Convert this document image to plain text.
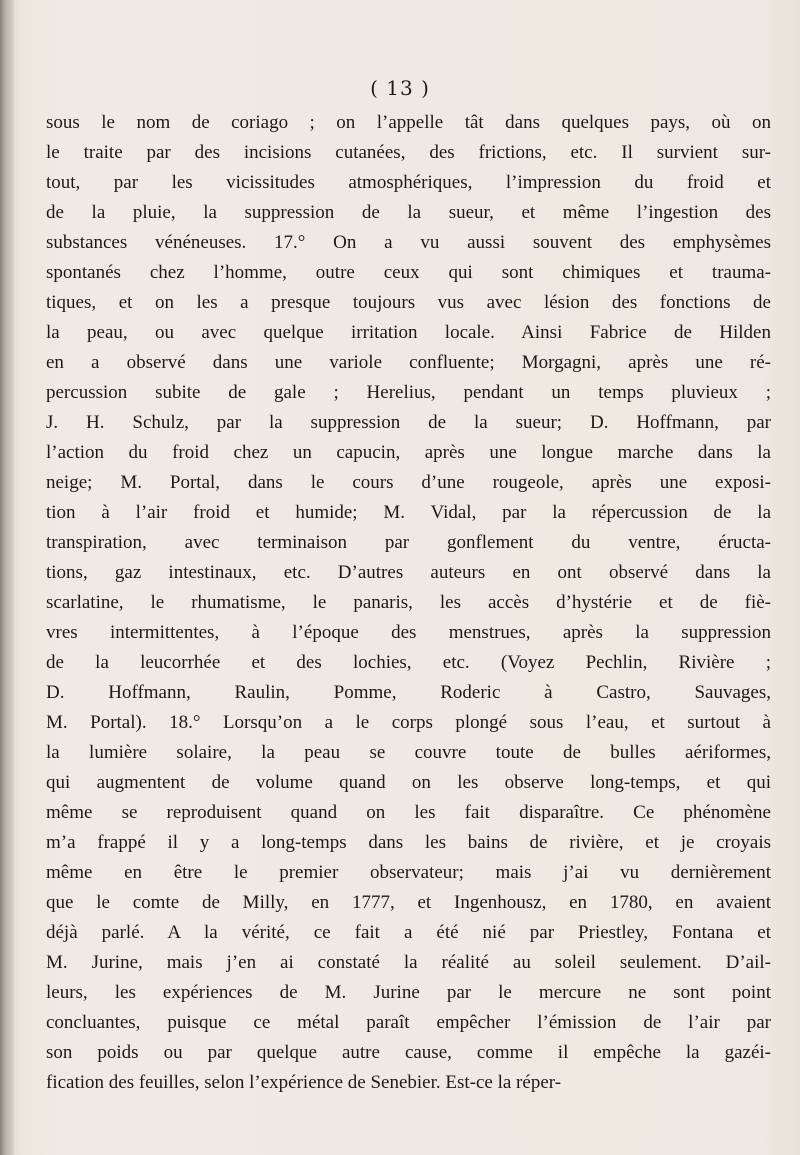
( 13 )
sous le nom de coriago ; on l’appelle tât dans quelques pays, où on
le traite par des incisions cutanées, des frictions, etc. Il survient sur-
tout, par les vicissitudes atmosphériques, l’impression du froid et
de la pluie, la suppression de la sueur, et même l’ingestion des
substances vénéneuses. 17.° On a vu aussi souvent des emphysèmes
spontanés chez l’homme, outre ceux qui sont chimiques et trauma-
tiques, et on les a presque toujours vus avec lésion des fonctions de
la peau, ou avec quelque irritation locale. Ainsi Fabrice de Hilden
en a observé dans une variole confluente; Morgagni, après une ré-
percussion subite de gale ; Herelius, pendant un temps pluvieux ;
J. H. Schulz, par la suppression de la sueur; D. Hoffmann, par
l’action du froid chez un capucin, après une longue marche dans la
neige; M. Portal, dans le cours d’une rougeole, après une exposi-
tion à l’air froid et humide; M. Vidal, par la répercussion de la
transpiration, avec terminaison par gonflement du ventre, éructa-
tions, gaz intestinaux, etc. D’autres auteurs en ont observé dans la
scarlatine, le rhumatisme, le panaris, les accès d’hystérie et de fiè-
vres intermittentes, à l’époque des menstrues, après la suppression
de la leucorrhée et des lochies, etc. (Voyez Pechlin, Rivière ;
D. Hoffmann, Raulin, Pomme, Roderic à Castro, Sauvages,
M. Portal). 18.° Lorsqu’on a le corps plongé sous l’eau, et surtout à
la lumière solaire, la peau se couvre toute de bulles aériformes,
qui augmentent de volume quand on les observe long-temps, et qui
même se reproduisent quand on les fait disparaître. Ce phénomène
m’a frappé il y a long-temps dans les bains de rivière, et je croyais
même en être le premier observateur; mais j’ai vu dernièrement
que le comte de Milly, en 1777, et Ingenhousz, en 1780, en avaient
déjà parlé. A la vérité, ce fait a été nié par Priestley, Fontana et
M. Jurine, mais j’en ai constaté la réalité au soleil seulement. D’ail-
leurs, les expériences de M. Jurine par le mercure ne sont point
concluantes, puisque ce métal paraît empêcher l’émission de l’air par
son poids ou par quelque autre cause, comme il empêche la gazéi-
fication des feuilles, selon l’expérience de Senebier. Est-ce la réper-
